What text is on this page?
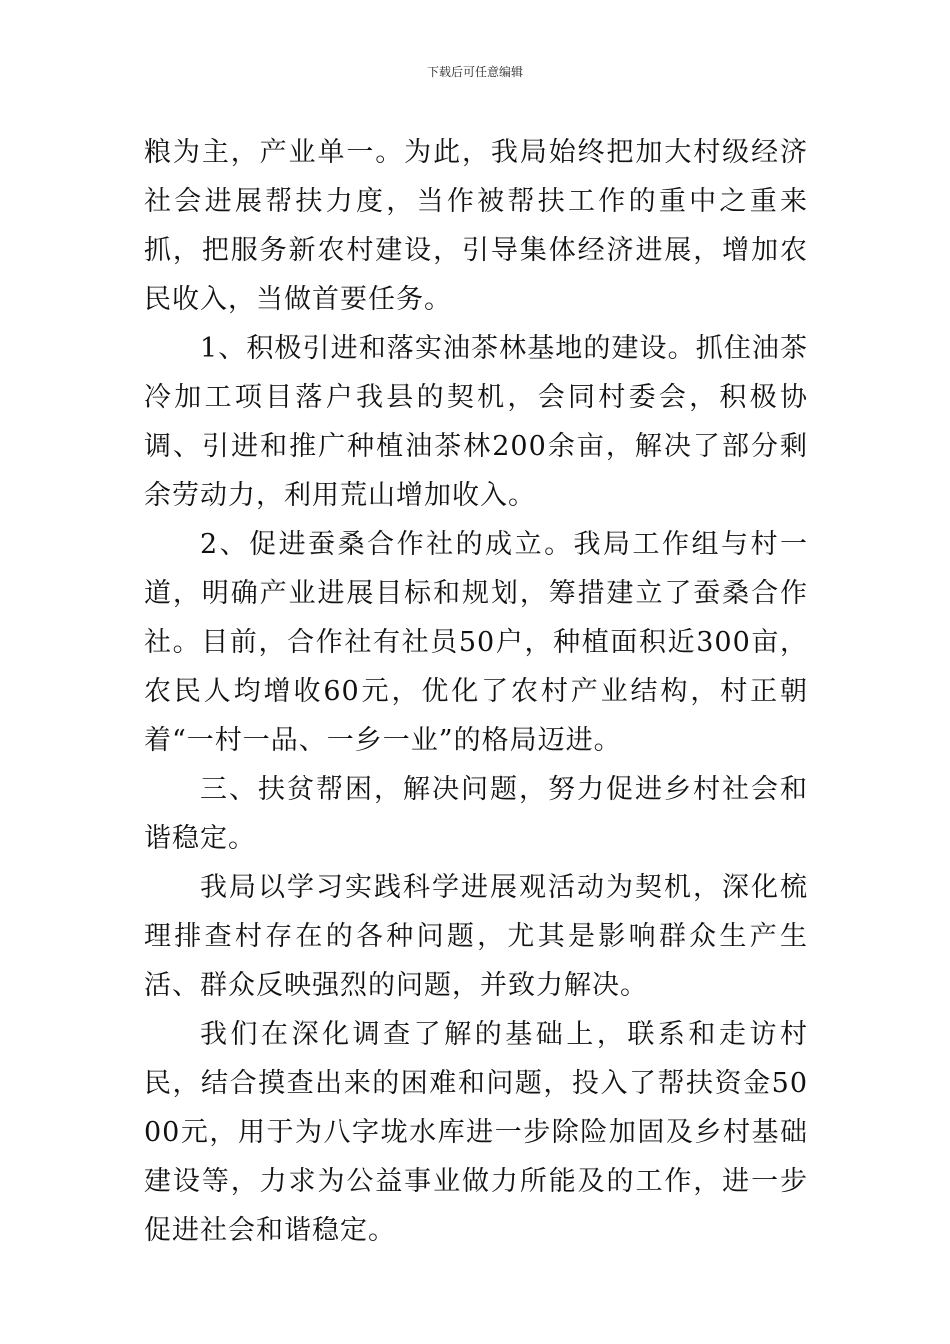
下载后可任意编辑

粮为主，产业单一。为此，我局始终把加大村级经济社会进展帮扶力度，当作被帮扶工作的重中之重来抓，把服务新农村建设，引导集体经济进展，增加农民收入，当做首要任务。

1、积极引进和落实油茶林基地的建设。抓住油茶冷加工项目落户我县的契机，会同村委会，积极协调、引进和推广种植油茶林200余亩，解决了部分剩余劳动力，利用荒山增加收入。

2、促进蚕桑合作社的成立。我局工作组与村一道，明确产业进展目标和规划，筹措建立了蚕桑合作社。目前，合作社有社员50户，种植面积近300亩，农民人均增收60元，优化了农村产业结构，村正朝着“一村一品、一乡一业”的格局迈进。

三、扶贫帮困，解决问题，努力促进乡村社会和谐稳定。

我局以学习实践科学进展观活动为契机，深化梳理排查村存在的各种问题，尤其是影响群众生产生活、群众反映强烈的问题，并致力解决。

我们在深化调查了解的基础上，联系和走访村民，结合摸查出来的困难和问题，投入了帮扶资金5000元，用于为八字垅水库进一步除险加固及乡村基础建设等，力求为公益事业做力所能及的工作，进一步促进社会和谐稳定。
